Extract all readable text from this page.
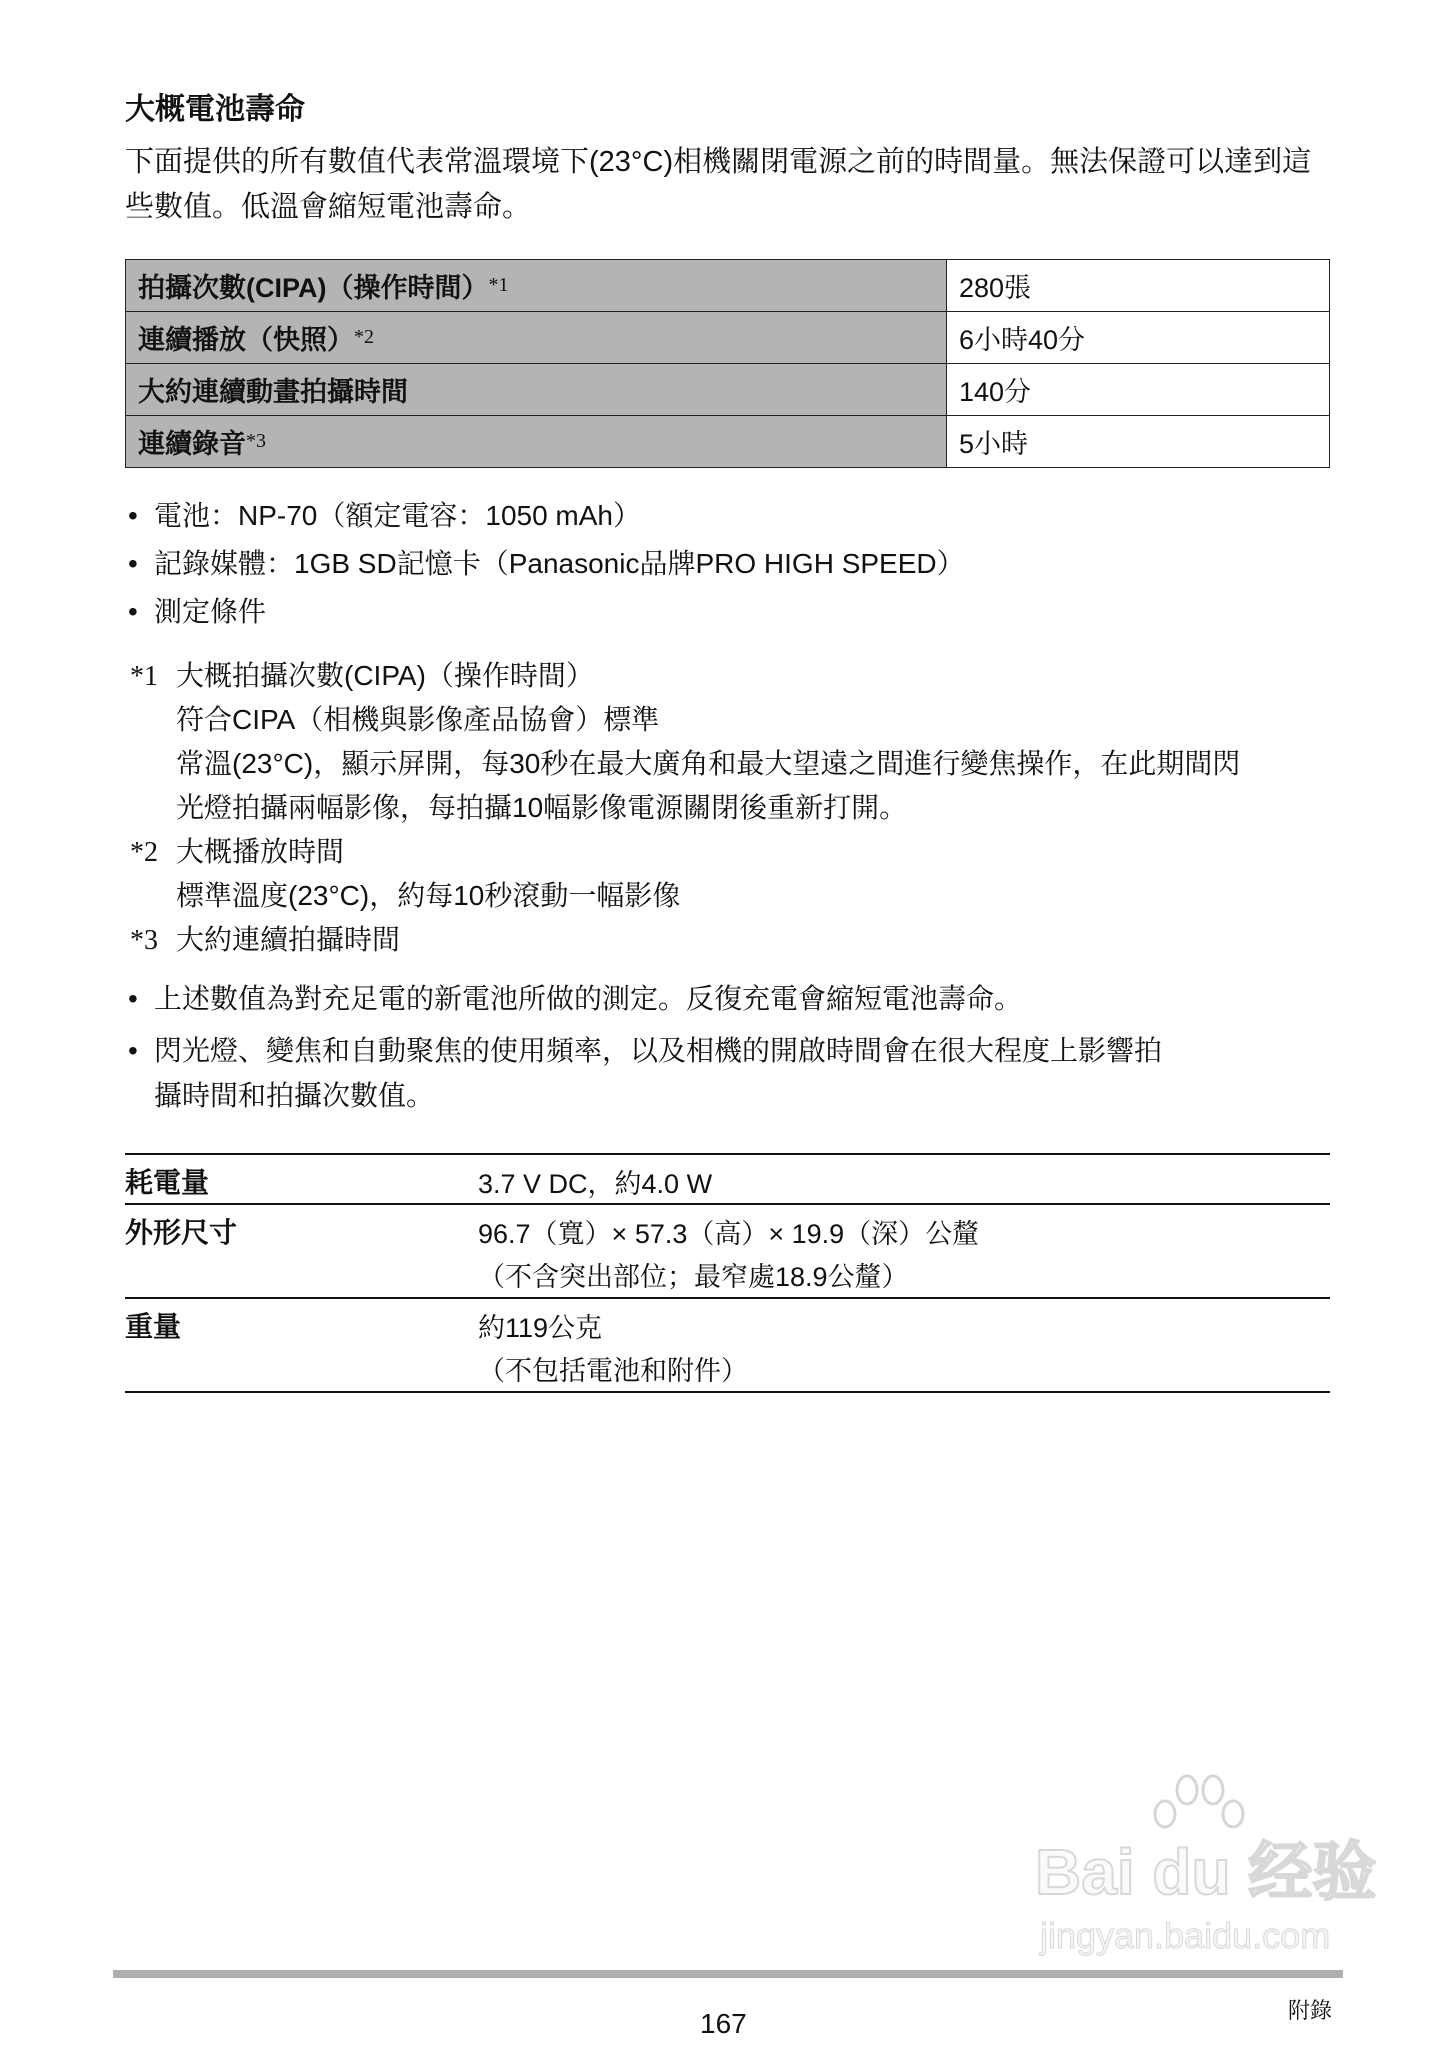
大概電池壽命
下面提供的所有數值代表常溫環境下(23°C)相機關閉電源之前的時間量。無法保證可以達到這些數值。低溫會縮短電池壽命。
拍攝次數(CIPA)（操作時間）$^{*1}$	280張
連續播放（快照）$^{*2}$	6小時40分
大約連續動畫拍攝時間	140分
連續錄音$^{*3}$	5小時
• 電池：NP-70（額定電容：1050 mAh）
• 記錄媒體：1GB SD記憶卡（Panasonic品牌PRO HIGH SPEED）
• 測定條件
*1 大概拍攝次數(CIPA)（操作時間）
符合CIPA（相機與影像產品協會）標準
常溫(23°C)，顯示屏開，每30秒在最大廣角和最大望遠之間進行變焦操作，在此期間閃
光燈拍攝兩幅影像，每拍攝10幅影像電源關閉後重新打開。
*2 大概播放時間
標準溫度(23°C)，約每10秒滾動一幅影像
*3 大約連續拍攝時間
• 上述數值為對充足電的新電池所做的測定。反復充電會縮短電池壽命。
• 閃光燈、變焦和自動聚焦的使用頻率，以及相機的開啟時間會在很大程度上影響拍
攝時間和拍攝次數值。
耗電量	3.7 V DC，約4.0 W
外形尺寸	96.7（寬）× 57.3（高）× 19.9（深）公釐
（不含突出部位；最窄處18.9公釐）
重量	約119公克
（不包括電池和附件）
Bai du 经验
jingyan.baidu.com
167	附錄
